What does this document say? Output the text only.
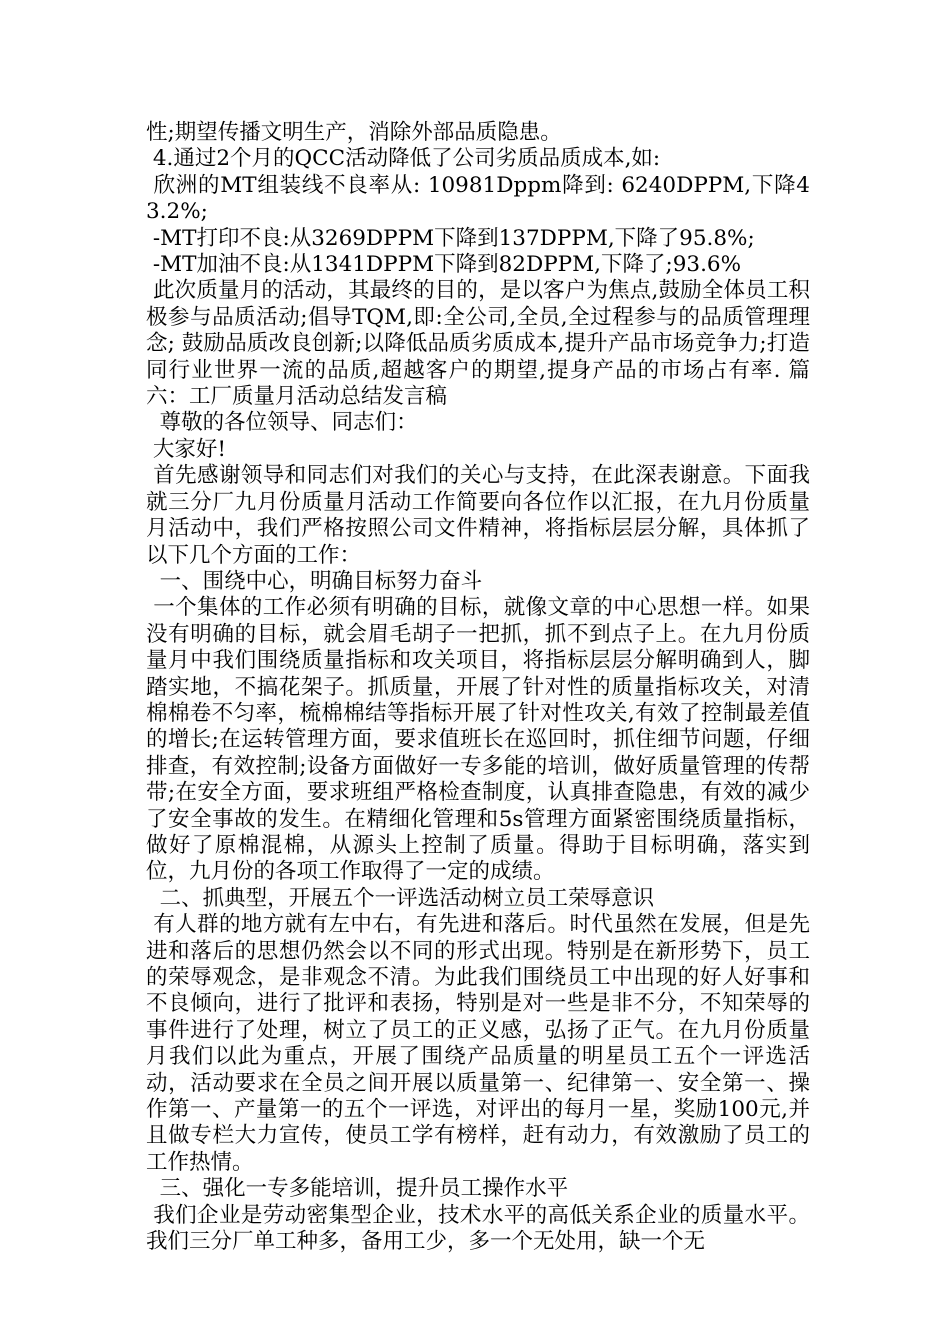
性;期望传播文明生产，消除外部品质隐患。

4.通过2个月的QCC活动降低了公司劣质品质成本,如:

欣洲的MT组装线不良率从: 10981Dppm降到: 6240DPPM,下降43.2%;

-MT打印不良:从3269DPPM下降到137DPPM,下降了95.8%;

-MT加油不良:从1341DPPM下降到82DPPM,下降了;93.6%

此次质量月的活动，其最终的目的，是以客户为焦点,鼓励全体员工积极参与品质活动;倡导TQM,即:全公司,全员,全过程参与的品质管理理念; 鼓励品质改良创新;以降低品质劣质成本,提升产品市场竞争力;打造同行业世界一流的品质,超越客户的期望,提身产品的市场占有率. 篇六：工厂质量月活动总结发言稿

尊敬的各位领导、同志们：

大家好!

首先感谢领导和同志们对我们的关心与支持，在此深表谢意。下面我就三分厂九月份质量月活动工作简要向各位作以汇报，在九月份质量月活动中，我们严格按照公司文件精神，将指标层层分解，具体抓了以下几个方面的工作：

一、围绕中心，明确目标努力奋斗

一个集体的工作必须有明确的目标，就像文章的中心思想一样。如果没有明确的目标，就会眉毛胡子一把抓，抓不到点子上。在九月份质量月中我们围绕质量指标和攻关项目，将指标层层分解明确到人，脚踏实地，不搞花架子。抓质量，开展了针对性的质量指标攻关，对清棉棉卷不匀率，梳棉棉结等指标开展了针对性攻关,有效了控制最差值的增长;在运转管理方面，要求值班长在巡回时，抓住细节问题，仔细排查，有效控制;设备方面做好一专多能的培训，做好质量管理的传帮带;在安全方面，要求班组严格检查制度，认真排查隐患，有效的减少了安全事故的发生。在精细化管理和5s管理方面紧密围绕质量指标，做好了原棉混棉，从源头上控制了质量。得助于目标明确，落实到位，九月份的各项工作取得了一定的成绩。

二、抓典型，开展五个一评选活动树立员工荣辱意识

有人群的地方就有左中右，有先进和落后。时代虽然在发展，但是先进和落后的思想仍然会以不同的形式出现。特别是在新形势下，员工的荣辱观念，是非观念不清。为此我们围绕员工中出现的好人好事和不良倾向，进行了批评和表扬，特别是对一些是非不分，不知荣辱的事件进行了处理，树立了员工的正义感，弘扬了正气。在九月份质量月我们以此为重点，开展了围绕产品质量的明星员工五个一评选活动，活动要求在全员之间开展以质量第一、纪律第一、安全第一、操作第一、产量第一的五个一评选，对评出的每月一星，奖励100元,并且做专栏大力宣传，使员工学有榜样，赶有动力，有效激励了员工的工作热情。

三、强化一专多能培训，提升员工操作水平

我们企业是劳动密集型企业，技术水平的高低关系企业的质量水平。我们三分厂单工种多，备用工少，多一个无处用，缺一个无
